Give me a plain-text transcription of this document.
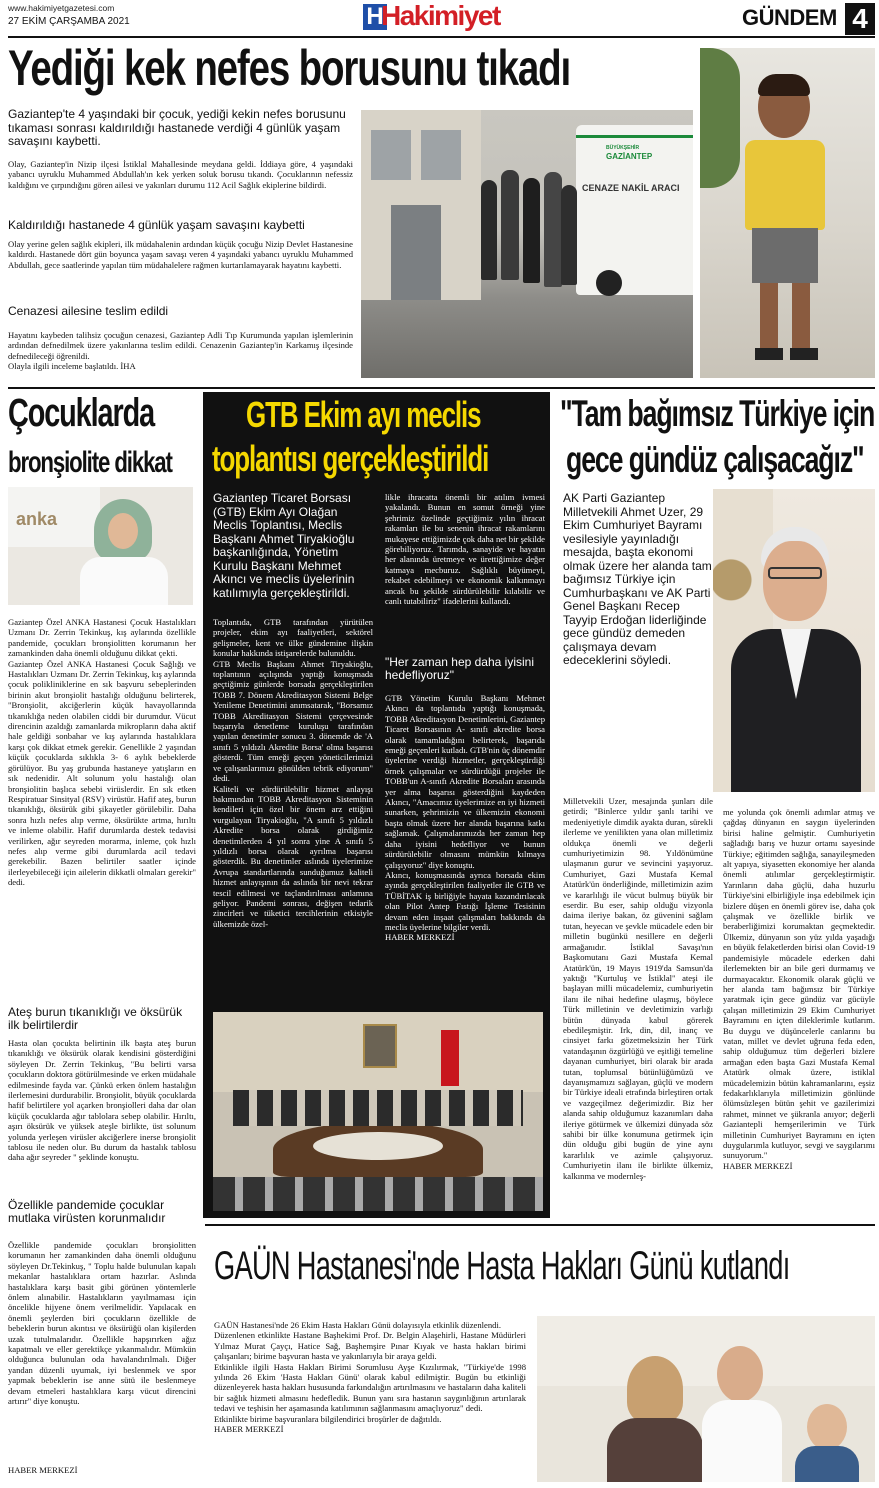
www.hakimiyetgazetesi.com
27 EKİM ÇARŞAMBA 2021	H
Hakimiyet	GÜNDEM 4
Yediği kek nefes borusunu tıkadı
Gaziantep'te 4 yaşındaki bir çocuk, yediği kekin nefes borusunu tıkaması sonrası kaldırıldığı hastanede verdiği 4 günlük yaşam savaşını kaybetti.

Olay, Gaziantep'in Nizip ilçesi İstiklal Mahallesinde meydana geldi. İddiaya göre, 4 yaşındaki yabancı uyruklu Muhammed Abdullah'ın kek yerken soluk borusu tıkandı. Çocuklarının nefessiz kaldığını ve çırpındığını gören ailesi ve yakınları durumu 112 Acil Sağlık ekiplerine bildirdi.

Kaldırıldığı hastanede 4 günlük yaşam savaşını kaybetti

Olay yerine gelen sağlık ekipleri, ilk müdahalenin ardından küçük çocuğu Nizip Devlet Hastanesine kaldırdı. Hastanede dört gün boyunca yaşam savaşı veren 4 yaşındaki yabancı uyruklu Muhammed Abdullah, gece saatlerinde yapılan tüm müdahalelere rağmen kurtarılamayarak hayatını kaybetti.

Cenazesi ailesine teslim edildi

Hayatını kaybeden talihsiz çocuğun cenazesi, Gaziantep Adli Tıp Kurumunda yapılan işlemlerinin ardından defnedilmek üzere yakınlarına teslim edildi. Cenazenin Gaziantep'in Karkamış ilçesinde defnedileceği öğrenildi.

Olayla ilgili inceleme başlatıldı. İHA

BÜYÜKŞEHİR
GAZİANTEP
CENAZE NAKİL ARACI
Çocuklarda
bronşiolite dikkat
anka

Gaziantep Özel ANKA Hastanesi Çocuk Hastalıkları Uzmanı Dr. Zerrin Tekinkuş, kış aylarında özellikle pandemide, çocukları bronşiolitten korumanın her zamankinden daha önemli olduğunu dikkat çekti.

Gaziantep Özel ANKA Hastanesi Çocuk Sağlığı ve Hastalıkları Uzmanı Dr. Zerrin Tekinkuş, kış aylarında çocuk polikliniklerine en sık başvuru sebeplerinden birinin akut bronşiolit hastalığı olduğunu belirterek, "Bronşiolit, akciğerlerin küçük havayollarında tıkanıklığa neden olabilen ciddi bir durumdur. Vücut direncinin azaldığı zamanlarda mikropların daha aktif hale geldiği sonbahar ve kış aylarında hastalıklara karşı çok dikkat etmek gerekir. Genellikle 2 yaşından küçük çocuklarda sıklıkla 3- 6 aylık bebeklerde görülüyor. Bu yaş grubunda hastaneye yatışların en sık nedenidir. Alt solunum yolu hastalığı olan bronşiolitin başlıca sebebi virüslerdir. En sık etken Respiratuar Sinsityal (RSV) virüstür. Hafif ateş, burun tıkanıklığı, öksürük gibi şikayetler görülebilir. Daha sonra hızlı nefes alıp verme, öksürükte artma, hırıltı ve inleme olabilir. Hafif durumlarda destek tedavisi verilirken, ağır seyreden morarma, inleme, çok hızlı nefes alıp verme gibi durumlarda acil tedavi gerekebilir. Bazen belirtiler saatler içinde ilerleyebileceği için ailelerin dikkatli olmaları gerekir" dedi.

Ateş burun tıkanıklığı ve öksürük ilk belirtilerdir

Hasta olan çocukta belirtinin ilk başta ateş burun tıkanıklığı ve öksürük olarak kendisini gösterdiğini söyleyen Dr. Zerrin Tekinkuş, "Bu belirti varsa çocukların doktora götürülmesinde ve erken müdahale edilmesinde fayda var. Çünkü erken önlem hastalığın ilerlemesini durdurabilir. Bronşiolit, büyük çocuklarda hafif belirtilere yol açarken bronşiolleri daha dar olan küçük çocuklarda ağır tablolara sebep olabilir. Hırıltı, aşırı öksürük ve yüksek ateşle birlikte, üst solunum yolunda yerleşen virüsler akciğerlere inerse bronşiolit tablosu ile neden olur. Bu durum da hastalık tablosu daha ağır seyreder " şeklinde konuştu.

Özellikle pandemide çocuklar mutlaka virüsten korunmalıdır

Özellikle pandemide çocukları bronşiolitten korumanın her zamankinden daha önemli olduğunu söyleyen Dr.Tekinkuş, " Toplu halde bulunulan kapalı mekanlar hastalıklara ortam hazırlar. Aslında hastalıklara karşı basit gibi görünen yöntemlerle önlem alınabilir. Hastalıkların yayılmaması için öncelikle hijyene önem verilmelidir. Yapılacak en önemli şeylerden biri çocukların özellikle de bebeklerin burun akıntısı ve öksürüğü olan kişilerden uzak tutulmalarıdır. Özellikle hapşırırken ağız kapatmalı ve eller gerektikçe yıkanmalıdır. Mümkün olduğunca bulunulan oda havalandırılmalı. Diğer yandan düzenli uyumak, iyi beslenmek ve spor yapmak bebeklerin ise anne sütü ile beslenmeye devam etmeleri hastalıklara karşı vücut direncini artırır" diye konuştu.

HABER MERKEZİ
GTB Ekim ayı meclis
toplantısı gerçekleştirildi
Gaziantep Ticaret Borsası (GTB) Ekim Ayı Olağan Meclis Toplantısı, Meclis Başkanı Ahmet Tiryakioğlu başkanlığında, Yönetim Kurulu Başkanı Mehmet Akıncı ve meclis üyelerinin katılımıyla gerçekleştirildi.

Toplantıda, GTB tarafından yürütülen projeler, ekim ayı faaliyetleri, sektörel gelişmeler, kent ve ülke gündemine ilişkin konular hakkında istişarelerde bulunuldu.

GTB Meclis Başkanı Ahmet Tiryakioğlu, toplantının açılışında yaptığı konuşmada geçtiğimiz günlerde borsada gerçekleştirilen TOBB 7. Dönem Akreditasyon Sistemi Belge Yenileme Denetimini anımsatarak, "Borsamız TOBB Akreditasyon Sistemi çerçevesinde başarıyla denetleme kuruluşu tarafından yapılan denetimler sonucu 3. dönemde de 'A sınıfı 5 yıldızlı Akredite Borsa' olma başarısı gösterdi. Tüm emeği geçen yöneticilerimizi ve çalışanlarımızı gönülden tebrik ediyorum" dedi.

Kaliteli ve sürdürülebilir hizmet anlayışı bakımından TOBB Akreditasyon Sisteminin kendileri için özel bir önem arz ettiğini vurgulayan Tiryakioğlu, "A sınıfı 5 yıldızlı Akredite borsa olarak girdiğimiz denetimlerden 4 yıl sonra yine A sınıfı 5 yıldızlı borsa olarak ayrılma başarısı gösterdik. Bu denetimler aslında üyelerimize Avrupa standartlarında sunduğumuz kaliteli hizmet anlayışının da aslında bir nevi tekrar tescil edilmesi ve taçlandırılması anlamına geliyor. Pandemi sonrası, değişen tedarik zincirleri ve tüketici tercihlerinin etkisiyle ülkemizde özel-

likle ihracatta önemli bir atılım ivmesi yakalandı. Bunun en somut örneği yine şehrimiz özelinde geçtiğimiz yılın ihracat rakamları ile bu senenin ihracat rakamlarını mukayese ettiğimizde çok daha net bir şekilde görebiliyoruz. Tarımda, sanayide ve hayatın her alanında üretmeye ve ürettiğimize değer katmaya mecburuz. Sağlıklı büyümeyi, rekabet edebilmeyi ve ekonomik kalkınmayı ancak bu şekilde sürdürülebilir kılabilir ve canlı tutabiliriz" ifadelerini kullandı.

"Her zaman hep daha iyisini hedefliyoruz"

GTB Yönetim Kurulu Başkanı Mehmet Akıncı da toplantıda yaptığı konuşmada, TOBB Akreditasyon Denetimlerini, Gaziantep Ticaret Borsasının A- sınıfı akredite borsa olarak tamamladığını belirterek, başarıda emeği geçenleri kutladı. GTB'nin üç dönemdir üyelerine verdiği hizmetler, gerçekleştirdiği örnek çalışmalar ve sürdürdüğü projeler ile TOBB'un A-sınıfı Akredite Borsaları arasında yer alma başarısı gösterdiğini kaydeden Akıncı, "Amacımız üyelerimize en iyi hizmeti sunarken, şehrimizin ve ülkemizin ekonomi başta olmak üzere her alanda başarına katkı sağlamak. Çalışmalarımızda her zaman hep daha iyisini hedefliyor ve bunun sürdürülebilir olmasını mümkün kılmaya çalışıyoruz" diye konuştu.

Akıncı, konuşmasında ayrıca borsada ekim ayında gerçekleştirilen faaliyetler ile GTB ve TÜBİTAK iş birliğiyle hayata kazandırılacak olan Pilot Antep Fıstığı İşleme Tesisinin devam eden inşaat çalışmaları hakkında da meclis üyelerine bilgiler verdi.

HABER MERKEZİ

"Tam bağımsız Türkiye için
gece gündüz çalışacağız"
AK Parti Gaziantep Milletvekili Ahmet Uzer, 29 Ekim Cumhuriyet Bayramı vesilesiyle yayınladığı mesajda, başta ekonomi olmak üzere her alanda tam bağımsız Türkiye için Cumhurbaşkanı ve AK Parti Genel Başkanı Recep Tayyip Erdoğan liderliğinde gece gündüz demeden çalışmaya devam edeceklerini söyledi.

Milletvekili Uzer, mesajında şunları dile getirdi; "Binlerce yıldır şanlı tarihi ve medeniyetiyle dimdik ayakta duran, sürekli ilerleme ve yenilikten yana olan milletimiz oldukça önemli ve değerli cumhuriyetimizin 98. Yıldönümüne ulaşmanın gurur ve sevincini yaşıyoruz. Cumhuriyet, Gazi Mustafa Kemal Atatürk'ün önderliğinde, milletimizin azim ve kararlılığı ile vücut bulmuş büyük bir eserdir. Bu eser, sahip olduğu vizyonla daima ileriye bakan, öz güvenini sağlam tutan, heyecan ve şevkle mücadele eden bir milletin bugünkü nesillere en değerli armağanıdır. İstiklal Savaşı'nın Başkomutanı Gazi Mustafa Kemal Atatürk'ün, 19 Mayıs 1919'da Samsun'da yaktığı "Kurtuluş ve İstiklal" ateşi ile başlayan milli mücadelemiz, cumhuriyetin ilanı ile nihai hedefine ulaşmış, böylece Türk milletinin ve devletimizin varlığı bütün dünyada kabul görerek ebedileşmiştir. Irk, din, dil, inanç ve cinsiyet farkı gözetmeksizin her Türk vatandaşının özgürlüğü ve eşitliği temeline dayanan cumhuriyet, biri olarak bir arada tutan, toplumsal bütünlüğümüzü ve dayanışmamızı sağlayan, güçlü ve modern bir Türkiye ideali etrafında birleştiren ortak ve vazgeçilmez değerimizdir. Biz her alanda sahip olduğumuz kazanımları daha ileriye götürmek ve ülkemizi dünyada söz sahibi bir ülke konumuna getirmek için dün olduğu gibi bugün de yine aynı kararlılık ve azimle çalışıyoruz. Cumhuriyetin ilanı ile birlikte ülkemiz, kalkınma ve modernleş-

me yolunda çok önemli adımlar atmış ve çağdaş dünyanın en saygın üyelerinden birisi haline gelmiştir. Cumhuriyetin sağladığı barış ve huzur ortamı sayesinde Türkiye; eğitimden sağlığa, sanayileşmeden alt yapıya, siyasetten ekonomiye her alanda önemli atılımlar gerçekleştirmiştir. Yarınların daha güçlü, daha huzurlu Türkiye'sini elbirliğiyle inşa edebilmek için bizlere düşen en önemli görev ise, daha çok çalışmak ve özellikle birlik ve beraberliğimizi korumaktan geçmektedir. Ülkemiz, dünyanın son yüz yılda yaşadığı en büyük felaketlerden birisi olan Covid-19 pandemisiyle mücadele ederken dahi ilerlemekten bir an bile geri durmamış ve durmayacaktır. Ekonomik olarak güçlü ve her alanda tam bağımsız bir Türkiye yaratmak için gece gündüz var gücüyle çalışan milletimizin 29 Ekim Cumhuriyet Bayramını en içten dileklerimle kutlarım. Bu duygu ve düşüncelerle canlarını bu vatan, millet ve devlet uğruna feda eden, sahip olduğumuz tüm değerleri bizlere armağan eden başta Gazi Mustafa Kemal Atatürk olmak üzere, istiklal mücadelemizin bütün kahramanlarını, eşsiz fedakarlıklarıyla milletimizin gönlünde ölümsüzleşen bütün şehit ve gazilerimizi rahmet, minnet ve şükranla anıyor; değerli Gaziantepli hemşerilerimin ve Türk milletinin Cumhuriyet Bayramını en içten duygularımla kutluyor, sevgi ve saygılarımı sunuyorum."

HABER MERKEZİ

GAÜN Hastanesi'nde Hasta Hakları Günü kutlandı

GAÜN Hastanesi'nde 26 Ekim Hasta Hakları Günü dolayısıyla etkinlik düzenlendi.

Düzenlenen etkinlikte Hastane Başhekimi Prof. Dr. Belgin Alaşehirli, Hastane Müdürleri Yılmaz Murat Çayçı, Hatice Sağ, Başhemşire Pınar Kıyak ve hasta hakları birimi çalışanları; birime başvuran hasta ve yakınlarıyla bir araya geldi.

Etkinlikle ilgili Hasta Hakları Birimi Sorumlusu Ayşe Kızılırmak, "Türkiye'de 1998 yılında 26 Ekim 'Hasta Hakları Günü' olarak kabul edilmiştir. Bugün bu etkinliği düzenleyerek hasta hakları hususunda farkındalığın artırılmasını ve hastaların daha kaliteli bir sağlık hizmeti almasını hedefledik. Bunun yanı sıra hastanın saygınlığının artırılarak tedavi ve teşhisin her aşamasında katılımının sağlanmasını amaçlıyoruz" dedi.

Etkinlikte birime başvuranlara bilgilendirici broşürler de dağıtıldı.

HABER MERKEZİ
